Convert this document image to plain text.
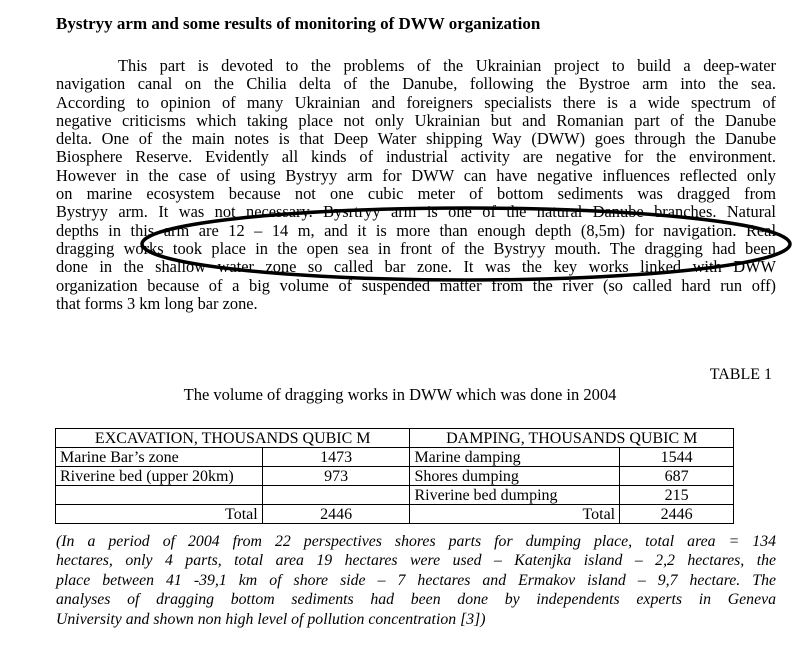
Bystryy arm and some results of monitoring of DWW organization

This part is devoted to the problems of the Ukrainian project to build a deep-water
navigation canal on the Chilia delta of the Danube, following the Bystroe arm into the sea.
According to opinion of many Ukrainian and foreigners specialists there is a wide spectrum of
negative criticisms which taking place not only Ukrainian but and Romanian part of the Danube
delta. One of the main notes is that Deep Water shipping Way (DWW) goes through the Danube
Biosphere Reserve. Evidently all kinds of industrial activity are negative for the environment.
However in the case of using Bystryy arm for DWW can have negative influences reflected only
on marine ecosystem because not one cubic meter of bottom sediments was dragged from
Bystryy arm. It was not necessary. Bysrtryy arm is one of the natural Danube branches. Natural
depths in this arm are 12 – 14 m, and it is more than enough depth (8,5m) for navigation. Real
dragging works took place in the open sea in front of the Bystryy mouth. The dragging had been
done in the shallow water zone so called bar zone. It was the key works linked with DWW
organization because of a big volume of suspended matter from the river (so called hard run off)
that forms 3 km long bar zone.

TABLE 1

The volume of dragging works in DWW which was done in 2004

EXCAVATION, THOUSANDS QUBIC M		DAMPING, THOUSANDS QUBIC M	
Marine Bar’s zone	1473	Marine damping	1544
Riverine bed (upper 20km)	973	Shores dumping	687
		Riverine bed dumping	215
Total	2446	Total	2446

(In a period of 2004 from 22 perspectives shores parts for dumping place, total area = 134
hectares, only 4 parts, total area 19 hectares were used – Katenjka island – 2,2 hectares, the
place between 41 -39,1 km of shore side – 7 hectares and Ermakov island – 9,7 hectare. The
analyses of dragging bottom sediments had been done by independents experts in Geneva
University and shown non high level of pollution concentration [3])
